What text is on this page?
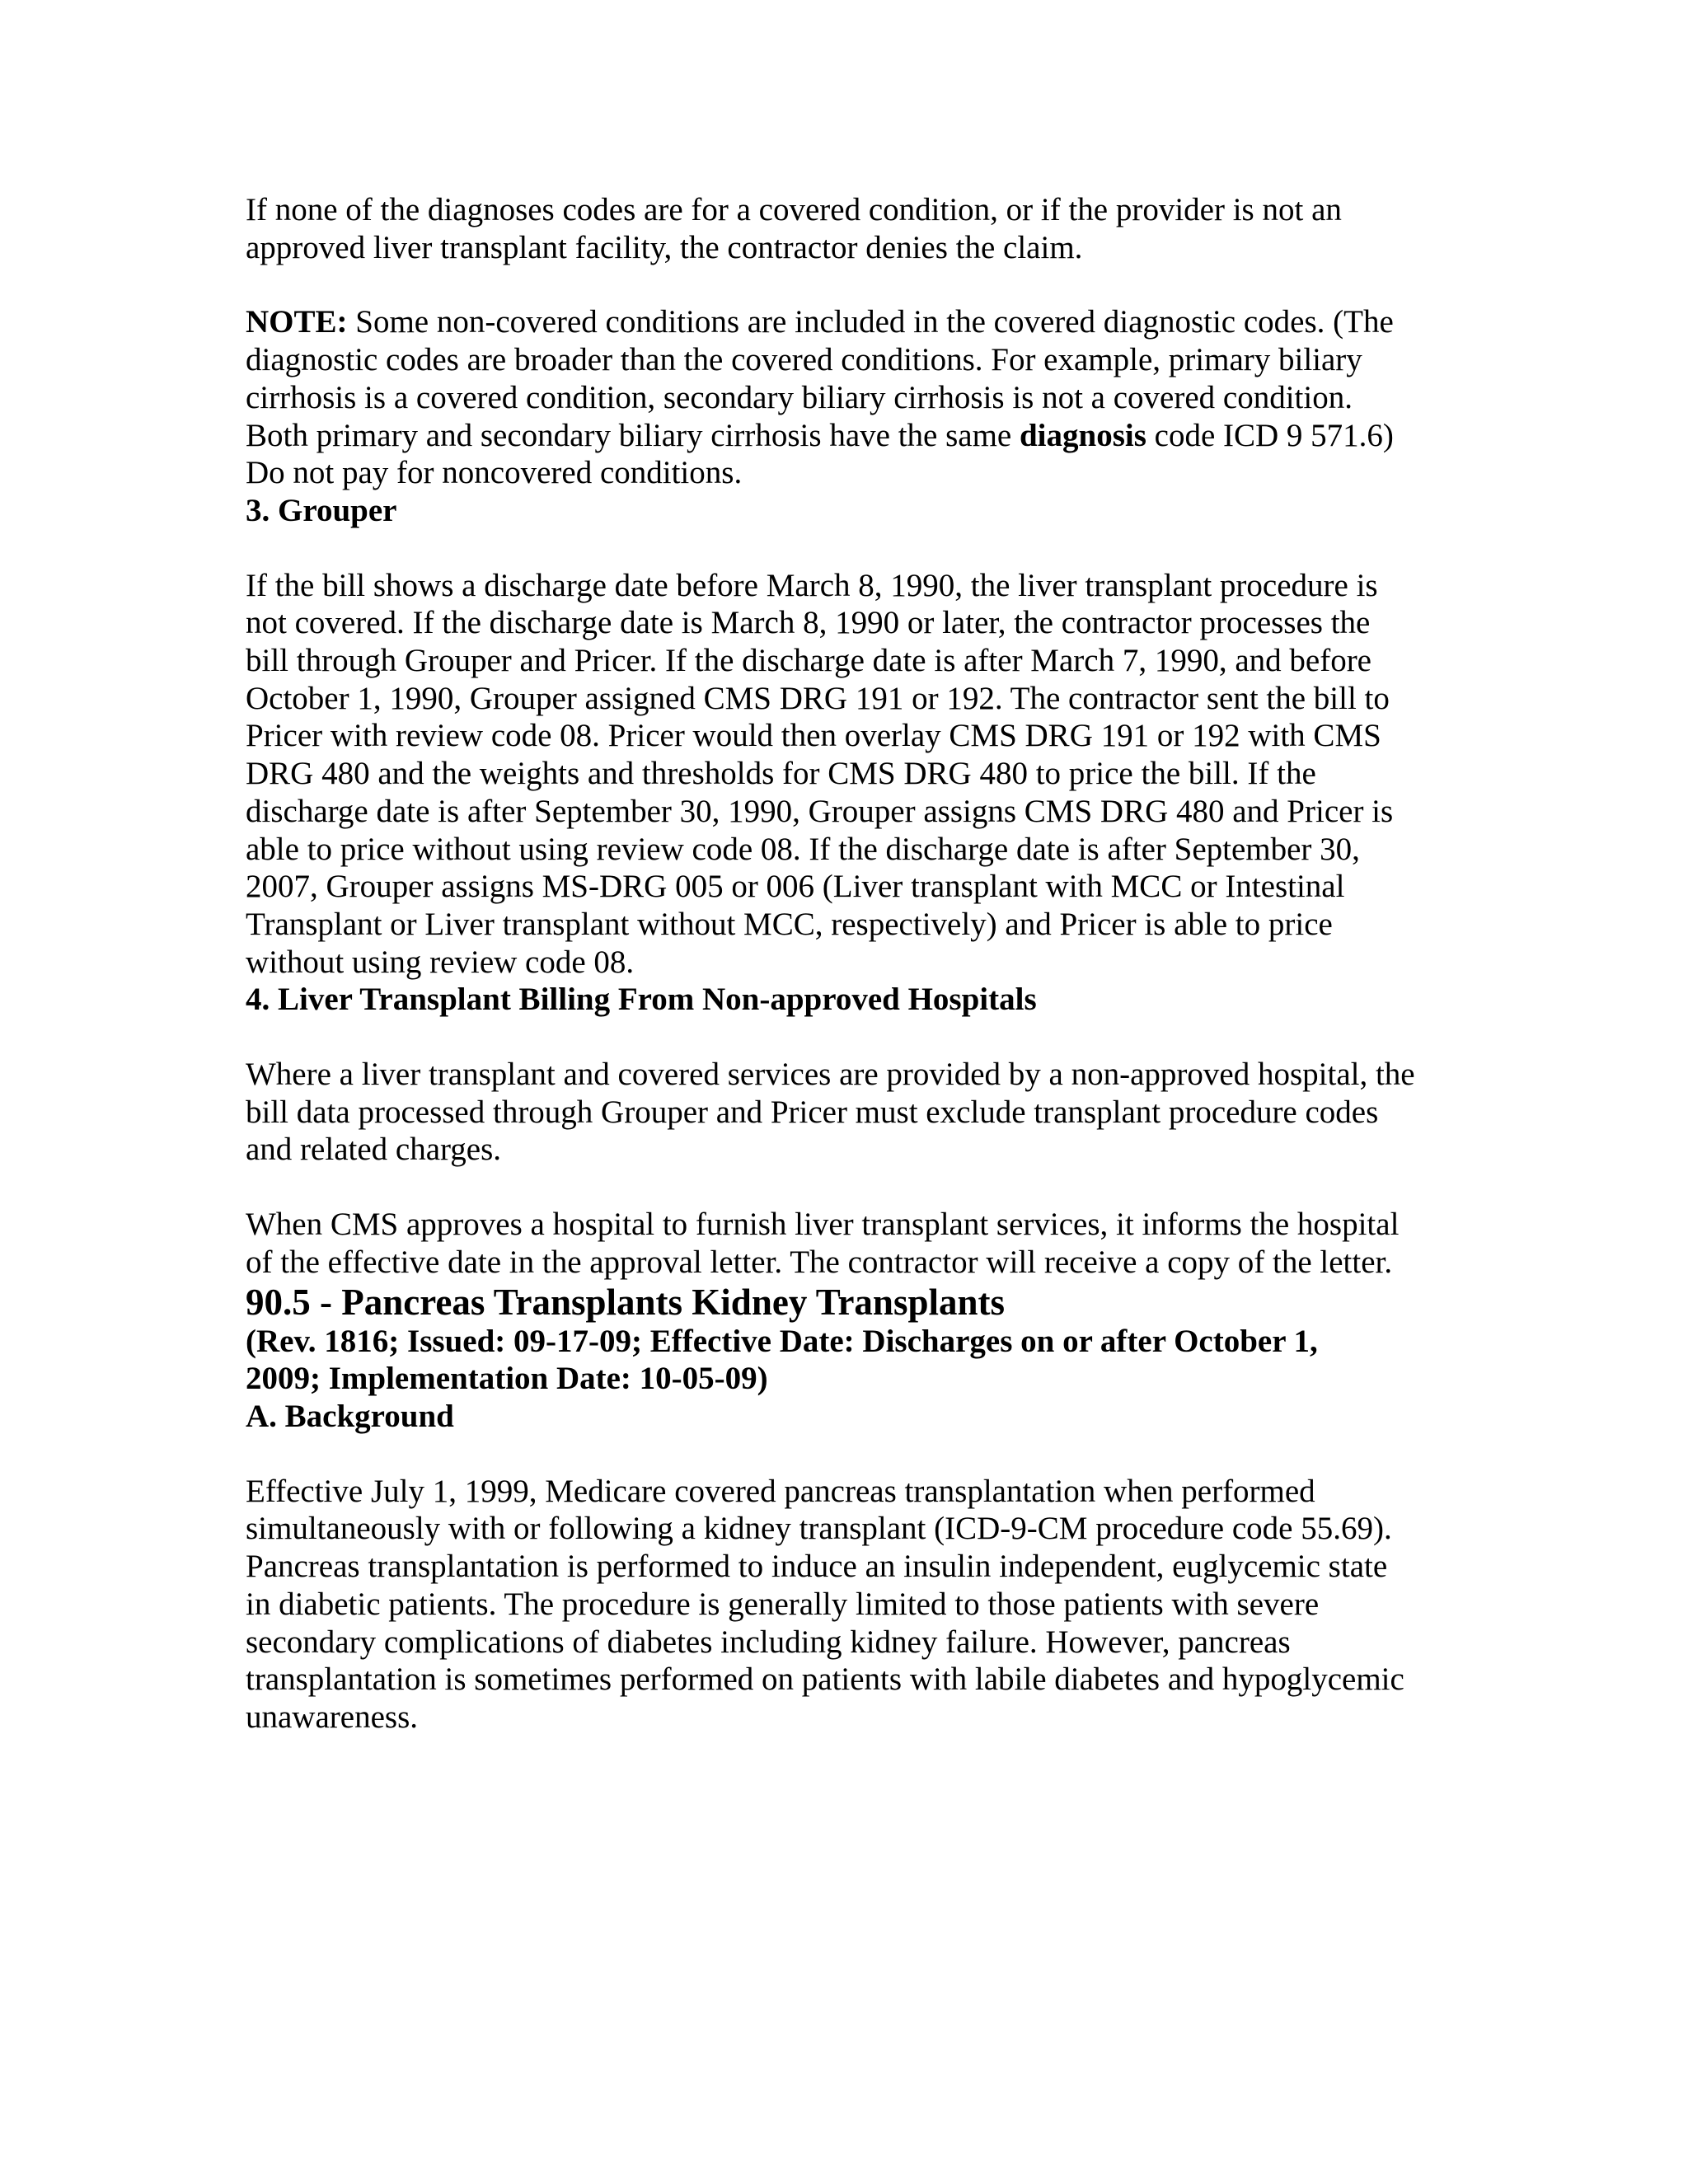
If none of the diagnoses codes are for a covered condition, or if the provider is not an
approved liver transplant facility, the contractor denies the claim.

NOTE: Some non-covered conditions are included in the covered diagnostic codes. (The
diagnostic codes are broader than the covered conditions. For example, primary biliary
cirrhosis is a covered condition, secondary biliary cirrhosis is not a covered condition.
Both primary and secondary biliary cirrhosis have the same diagnosis code ICD 9 571.6)
Do not pay for noncovered conditions.

3. Grouper

If the bill shows a discharge date before March 8, 1990, the liver transplant procedure is
not covered. If the discharge date is March 8, 1990 or later, the contractor processes the
bill through Grouper and Pricer. If the discharge date is after March 7, 1990, and before
October 1, 1990, Grouper assigned CMS DRG 191 or 192. The contractor sent the bill to
Pricer with review code 08. Pricer would then overlay CMS DRG 191 or 192 with CMS
DRG 480 and the weights and thresholds for CMS DRG 480 to price the bill. If the
discharge date is after September 30, 1990, Grouper assigns CMS DRG 480 and Pricer is
able to price without using review code 08. If the discharge date is after September 30,
2007, Grouper assigns MS-DRG 005 or 006 (Liver transplant with MCC or Intestinal
Transplant or Liver transplant without MCC, respectively) and Pricer is able to price
without using review code 08.

4. Liver Transplant Billing From Non-approved Hospitals

Where a liver transplant and covered services are provided by a non-approved hospital, the
bill data processed through Grouper and Pricer must exclude transplant procedure codes
and related charges.

When CMS approves a hospital to furnish liver transplant services, it informs the hospital
of the effective date in the approval letter. The contractor will receive a copy of the letter.

90.5 - Pancreas Transplants Kidney Transplants

(Rev. 1816; Issued: 09-17-09; Effective Date: Discharges on or after October 1,
2009; Implementation Date: 10-05-09)

A. Background

Effective July 1, 1999, Medicare covered pancreas transplantation when performed
simultaneously with or following a kidney transplant (ICD-9-CM procedure code 55.69).
Pancreas transplantation is performed to induce an insulin independent, euglycemic state
in diabetic patients. The procedure is generally limited to those patients with severe
secondary complications of diabetes including kidney failure. However, pancreas
transplantation is sometimes performed on patients with labile diabetes and hypoglycemic
unawareness.
